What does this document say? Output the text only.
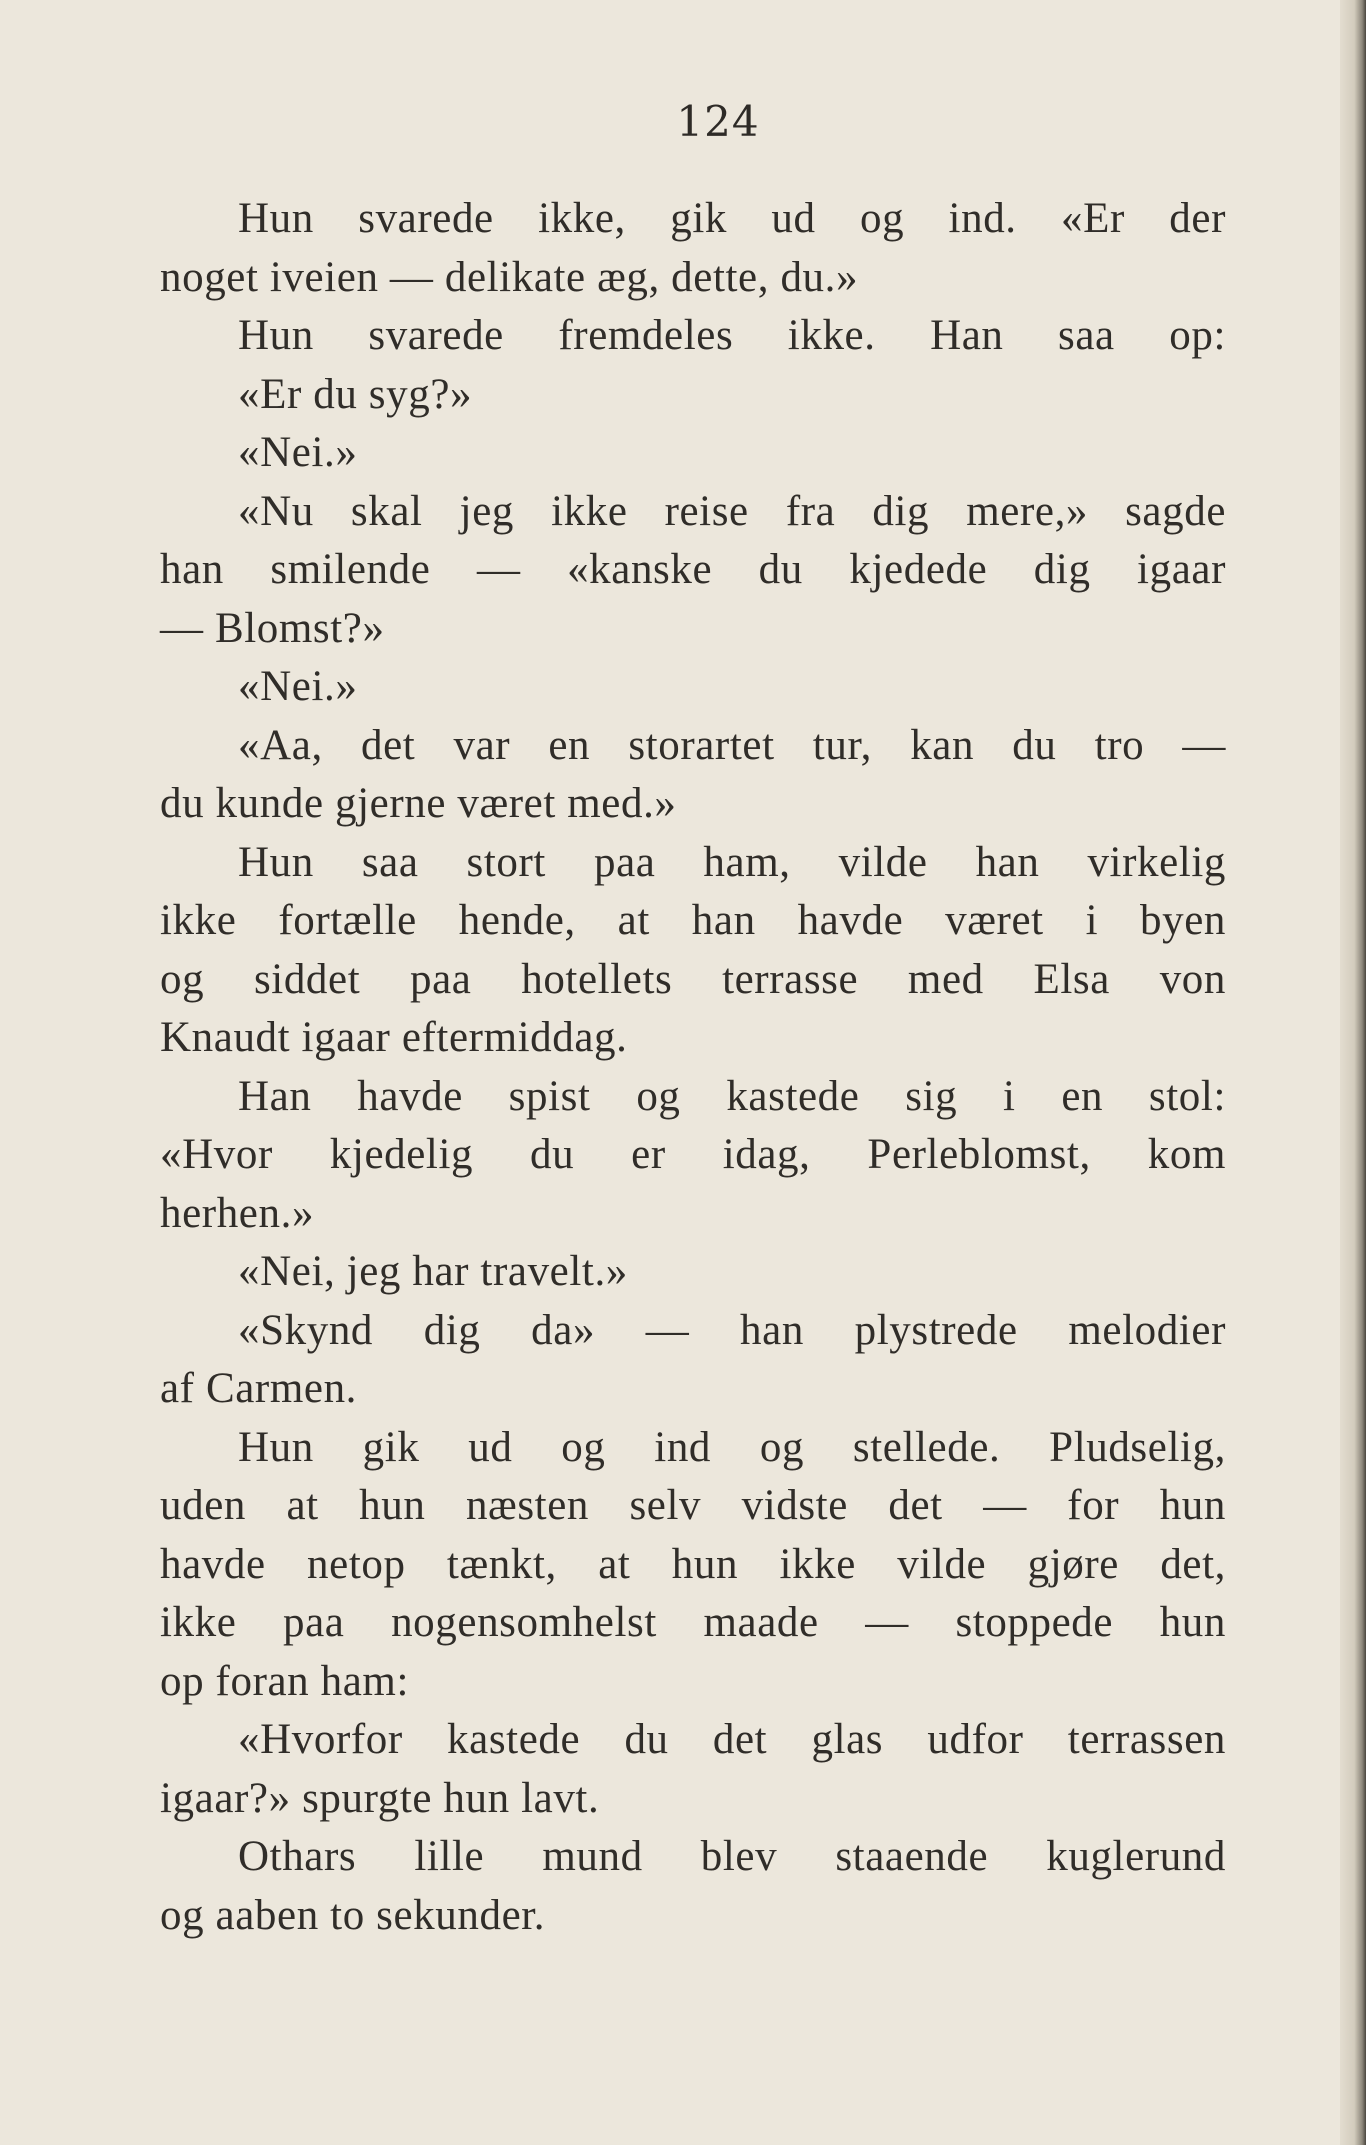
124
Hun svarede ikke, gik ud og ind. «Er der
noget iveien — delikate æg, dette, du.»
Hun svarede fremdeles ikke. Han saa op:
«Er du syg?»
«Nei.»
«Nu skal jeg ikke reise fra dig mere,» sagde
han smilende — «kanske du kjedede dig igaar
— Blomst?»
«Nei.»
«Aa, det var en storartet tur, kan du tro —
du kunde gjerne været med.»
Hun saa stort paa ham, vilde han virkelig
ikke fortælle hende, at han havde været i byen
og siddet paa hotellets terrasse med Elsa von
Knaudt igaar eftermiddag.
Han havde spist og kastede sig i en stol:
«Hvor kjedelig du er idag, Perleblomst, kom
herhen.»
«Nei, jeg har travelt.»
«Skynd dig da» — han plystrede melodier
af Carmen.
Hun gik ud og ind og stellede. Pludselig,
uden at hun næsten selv vidste det — for hun
havde netop tænkt, at hun ikke vilde gjøre det,
ikke paa nogensomhelst maade — stoppede hun
op foran ham:
«Hvorfor kastede du det glas udfor terrassen
igaar?» spurgte hun lavt.
Othars lille mund blev staaende kuglerund
og aaben to sekunder.
